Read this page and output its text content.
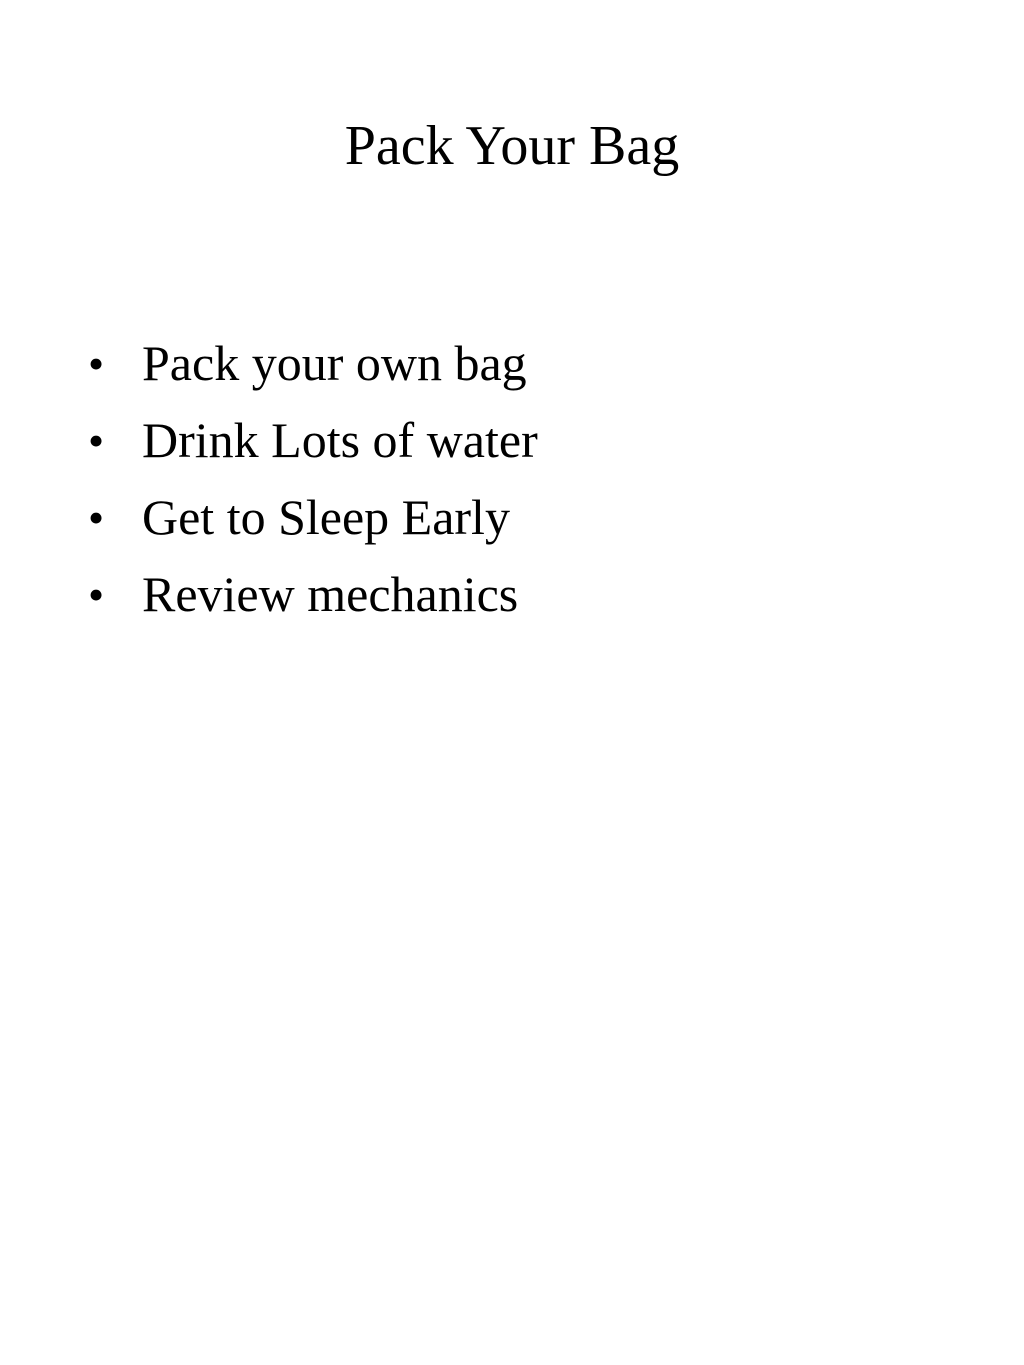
Pack Your Bag
• Pack your own bag
• Drink Lots of water
• Get to Sleep Early
• Review mechanics
